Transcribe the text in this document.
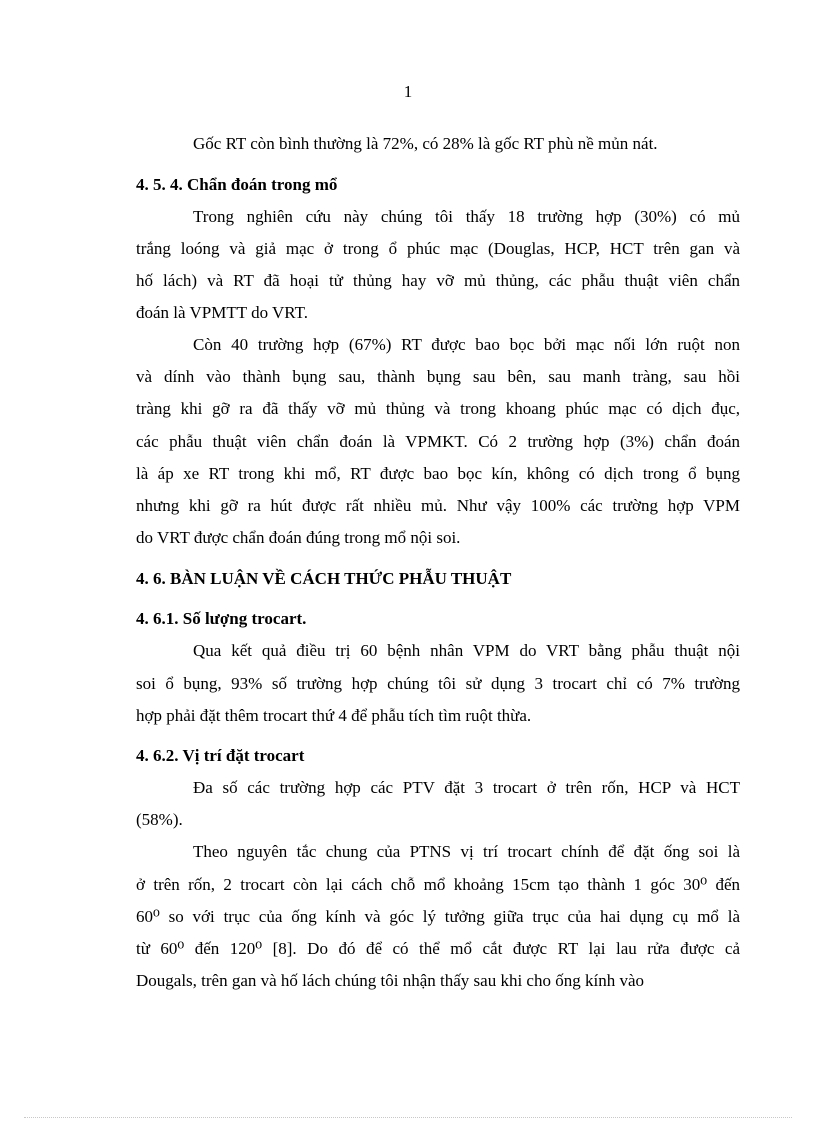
1
Gốc RT còn bình thường là 72%, có 28% là gốc RT phù nề mủn nát.
4. 5. 4. Chẩn đoán trong mổ
Trong nghiên cứu này chúng tôi thấy 18 trường hợp (30%) có mủ
trắng loóng và giả mạc ở trong ổ phúc mạc (Douglas, HCP, HCT trên gan và
hố lách) và RT đã hoại tử thủng hay vỡ mủ thủng, các phẫu thuật viên chẩn
đoán là VPMTT do VRT.
Còn 40 trường hợp (67%) RT được bao bọc bởi mạc nối lớn ruột non
và dính vào thành bụng sau, thành bụng sau bên, sau manh tràng, sau hồi
tràng khi gỡ ra đã thấy vỡ mủ thủng và trong khoang phúc mạc có dịch đục,
các phẫu thuật viên chẩn đoán là VPMKT. Có 2 trường hợp (3%) chẩn đoán
là áp xe RT trong khi mổ, RT được bao bọc kín, không có dịch trong ổ bụng
nhưng khi gỡ ra hút được rất nhiều mủ. Như vậy 100% các trường hợp VPM
do VRT được chẩn đoán đúng trong mổ nội soi.
4. 6. BÀN LUẬN VỀ CÁCH THỨC PHẪU THUẬT
4. 6.1. Số lượng trocart.
Qua kết quả điều trị 60 bệnh nhân VPM do VRT bằng phẫu thuật nội
soi ổ bụng, 93% số trường hợp chúng tôi sử dụng 3 trocart chỉ có 7% trường
hợp phải đặt thêm trocart thứ 4 để phẫu tích tìm ruột thừa.
4. 6.2. Vị trí đặt trocart
Đa số các trường hợp các PTV đặt 3 trocart ở trên rốn, HCP và HCT
(58%).
Theo nguyên tắc chung của PTNS vị trí trocart chính để đặt ống soi là
ở trên rốn, 2 trocart còn lại cách chỗ mổ khoảng 15cm tạo thành 1 góc 30⁰ đến
60⁰ so với trục của ống kính và góc lý tưởng giữa trục của hai dụng cụ mổ là
từ 60⁰ đến 120⁰ [8]. Do đó để có thể mổ cắt được RT lại lau rửa được cả
Dougals, trên gan và hố lách chúng tôi nhận thấy sau khi cho ống kính vào
